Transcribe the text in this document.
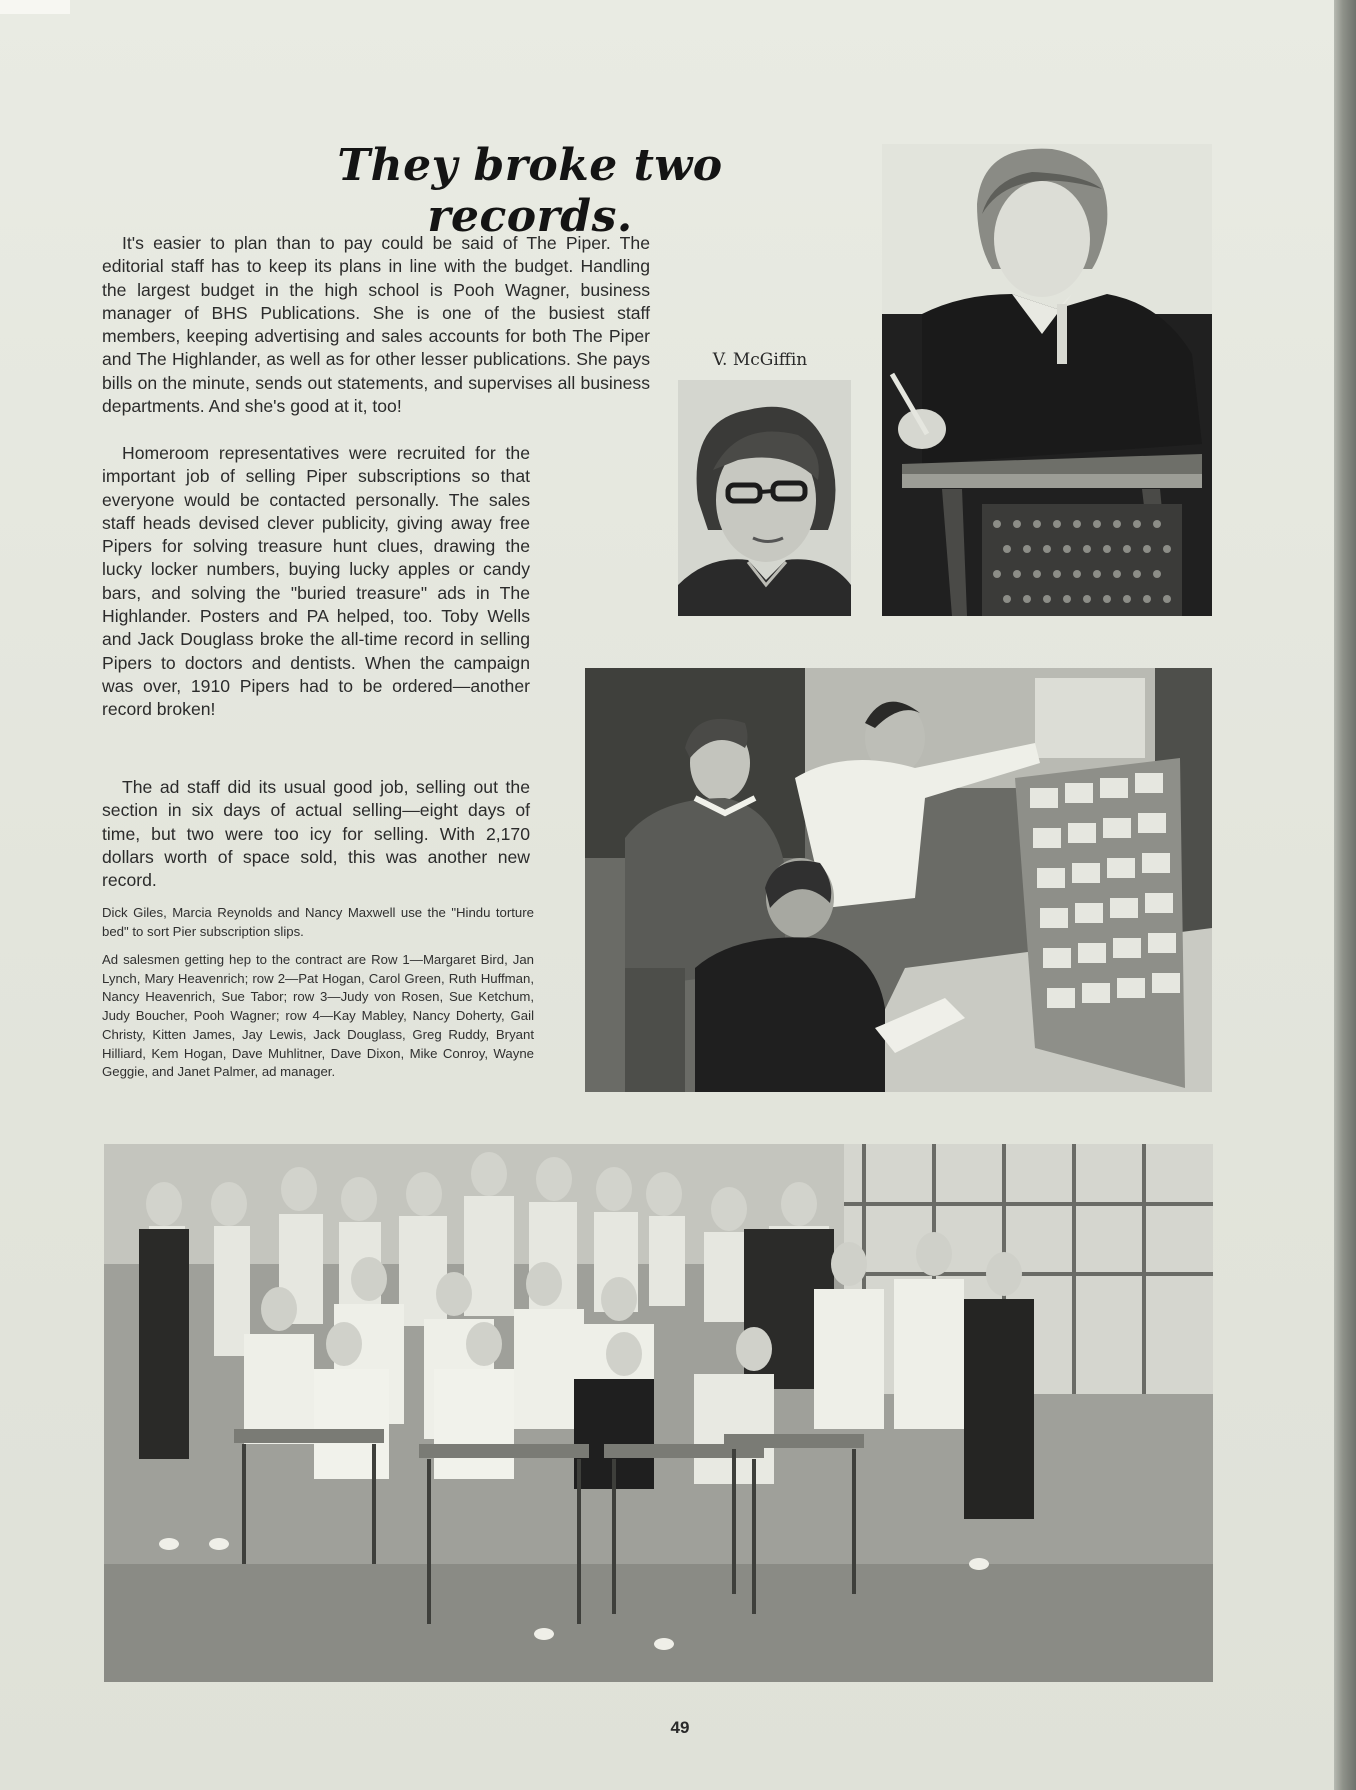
They broke two records.

It's easier to plan than to pay could be said of The Piper. The editorial staff has to keep its plans in line with the budget. Handling the largest budget in the high school is Pooh Wagner, business manager of BHS Publications. She is one of the busiest staff members, keeping advertising and sales accounts for both The Piper and The Highlander, as well as for other lesser publications. She pays bills on the minute, sends out statements, and supervises all business departments. And she's good at it, too!

Homeroom representatives were recruited for the important job of selling Piper subscriptions so that everyone would be contacted personally. The sales staff heads devised clever publicity, giving away free Pipers for solving treasure hunt clues, drawing the lucky locker numbers, buying lucky apples or candy bars, and solving the "buried treasure" ads in The Highlander. Posters and PA helped, too. Toby Wells and Jack Douglass broke the all-time record in selling Pipers to doctors and dentists. When the campaign was over, 1910 Pipers had to be ordered—another record broken!

The ad staff did its usual good job, selling out the section in six days of actual selling—eight days of time, but two were too icy for selling. With 2,170 dollars worth of space sold, this was another new record.

Dick Giles, Marcia Reynolds and Nancy Maxwell use the "Hindu torture bed" to sort Pier subscription slips.

Ad salesmen getting hep to the contract are Row 1—Margaret Bird, Jan Lynch, Mary Heavenrich; row 2—Pat Hogan, Carol Green, Ruth Huffman, Nancy Heavenrich, Sue Tabor; row 3—Judy von Rosen, Sue Ketchum, Judy Boucher, Pooh Wagner; row 4—Kay Mabley, Nancy Doherty, Gail Christy, Kitten James, Jay Lewis, Jack Douglass, Greg Ruddy, Bryant Hilliard, Kem Hogan, Dave Muhlitner, Dave Dixon, Mike Conroy, Wayne Geggie, and Janet Palmer, ad manager.

V. McGiffin
49
